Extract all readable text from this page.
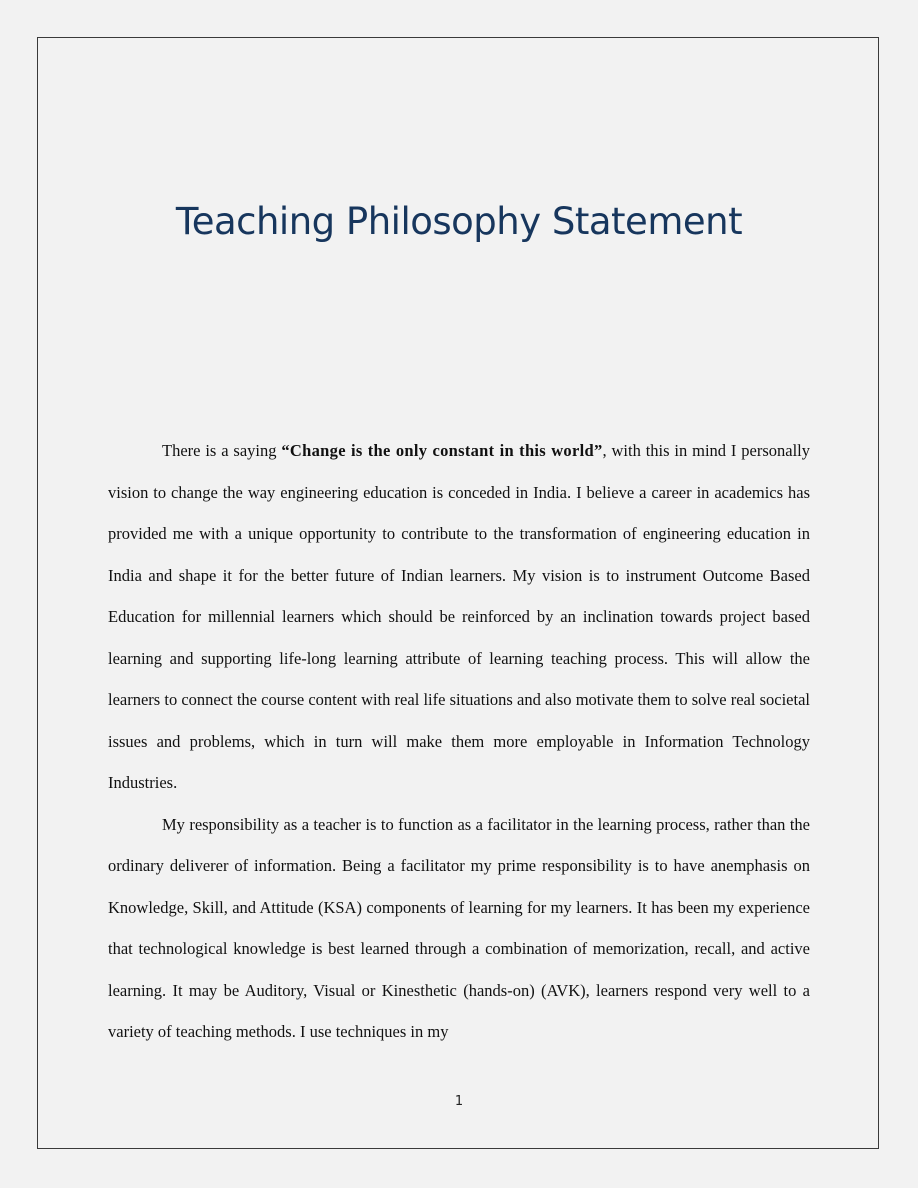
Teaching Philosophy Statement

There is a saying “Change is the only constant in this world”, with this in mind I personally vision to change the way engineering education is conceded in India. I believe a career in academics has provided me with a unique opportunity to contribute to the transformation of engineering education in India and shape it for the better future of Indian learners. My vision is to instrument Outcome Based Education for millennial learners which should be reinforced by an inclination towards project based learning and supporting life-long learning attribute of learning teaching process. This will allow the learners to connect the course content with real life situations and also motivate them to solve real societal issues and problems, which in turn will make them more employable in Information Technology Industries.

My responsibility as a teacher is to function as a facilitator in the learning process, rather than the ordinary deliverer of information. Being a facilitator my prime responsibility is to have anemphasis on Knowledge, Skill, and Attitude (KSA) components of learning for my learners. It has been my experience that technological knowledge is best learned through a combination of memorization, recall, and active learning. It may be Auditory, Visual or Kinesthetic (hands-on) (AVK), learners respond very well to a variety of teaching methods. I use techniques in my

1
